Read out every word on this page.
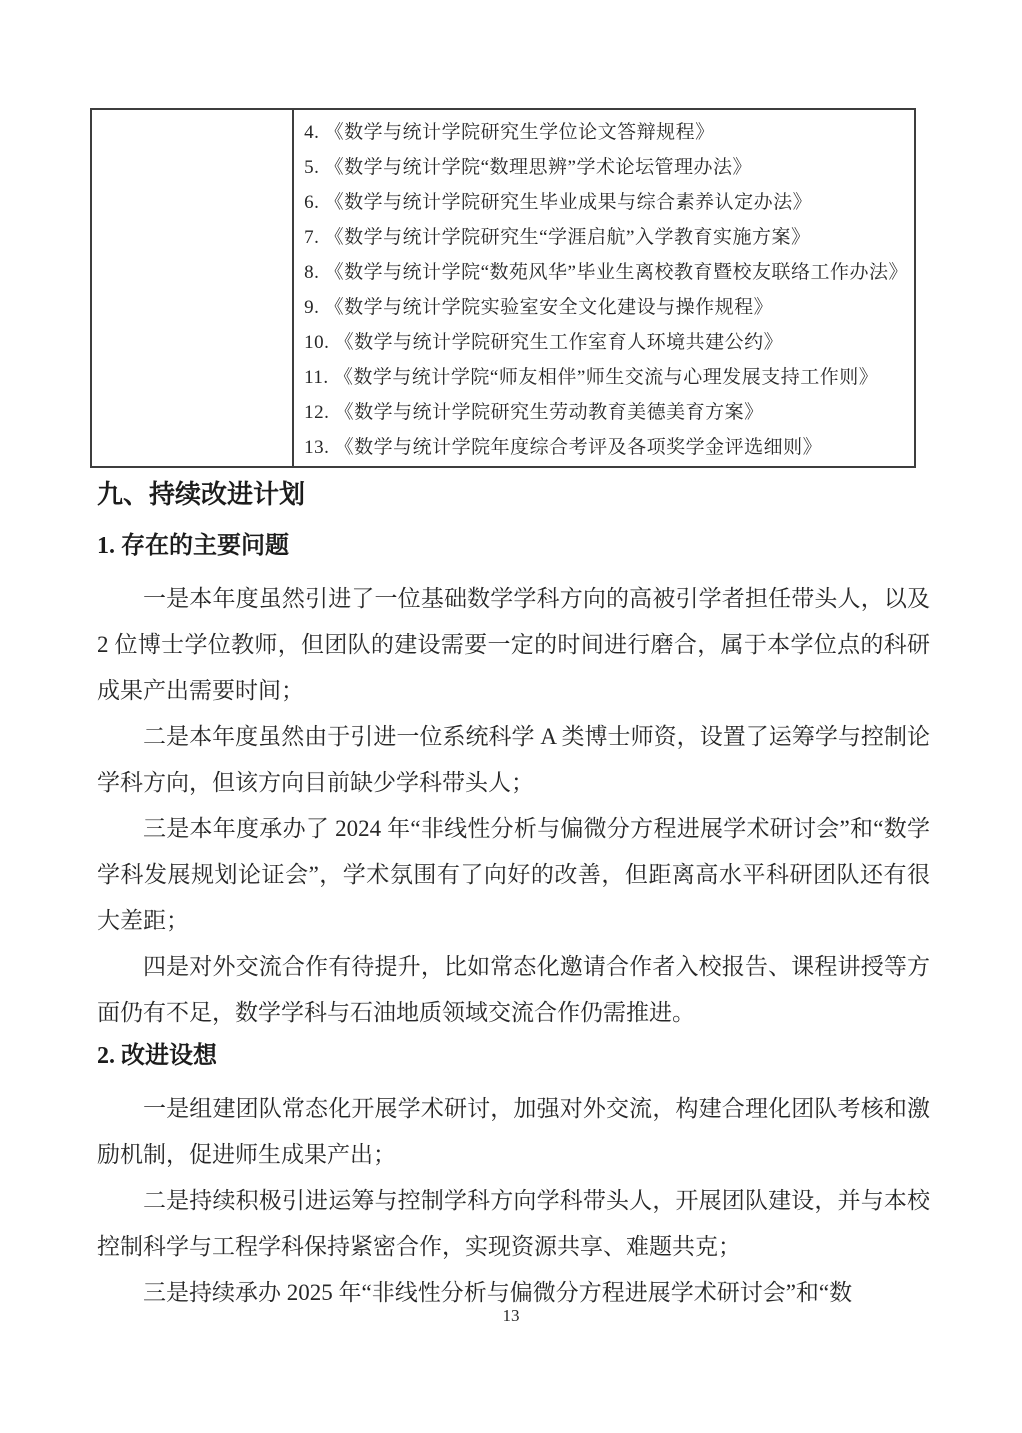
4. 《数学与统计学院研究生学位论文答辩规程》
5. 《数学与统计学院“数理思辨”学术论坛管理办法》
6. 《数学与统计学院研究生毕业成果与综合素养认定办法》
7. 《数学与统计学院研究生“学涯启航”入学教育实施方案》
8. 《数学与统计学院“数苑风华”毕业生离校教育暨校友联络工作办法》
9. 《数学与统计学院实验室安全文化建设与操作规程》
10. 《数学与统计学院研究生工作室育人环境共建公约》
11. 《数学与统计学院“师友相伴”师生交流与心理发展支持工作则》
12. 《数学与统计学院研究生劳动教育美德美育方案》
13. 《数学与统计学院年度综合考评及各项奖学金评选细则》
九、持续改进计划
1. 存在的主要问题

一是本年度虽然引进了一位基础数学学科方向的高被引学者担任带头人，以及 2 位博士学位教师，但团队的建设需要一定的时间进行磨合，属于本学位点的科研成果产出需要时间；

二是本年度虽然由于引进一位系统科学 A 类博士师资，设置了运筹学与控制论学科方向，但该方向目前缺少学科带头人；

三是本年度承办了 2024 年“非线性分析与偏微分方程进展学术研讨会”和“数学学科发展规划论证会”，学术氛围有了向好的改善，但距离高水平科研团队还有很大差距；

四是对外交流合作有待提升，比如常态化邀请合作者入校报告、课程讲授等方面仍有不足，数学学科与石油地质领域交流合作仍需推进。

2. 改进设想

一是组建团队常态化开展学术研讨，加强对外交流，构建合理化团队考核和激励机制，促进师生成果产出；

二是持续积极引进运筹与控制学科方向学科带头人，开展团队建设，并与本校控制科学与工程学科保持紧密合作，实现资源共享、难题共克；

三是持续承办 2025 年“非线性分析与偏微分方程进展学术研讨会”和“数

13
